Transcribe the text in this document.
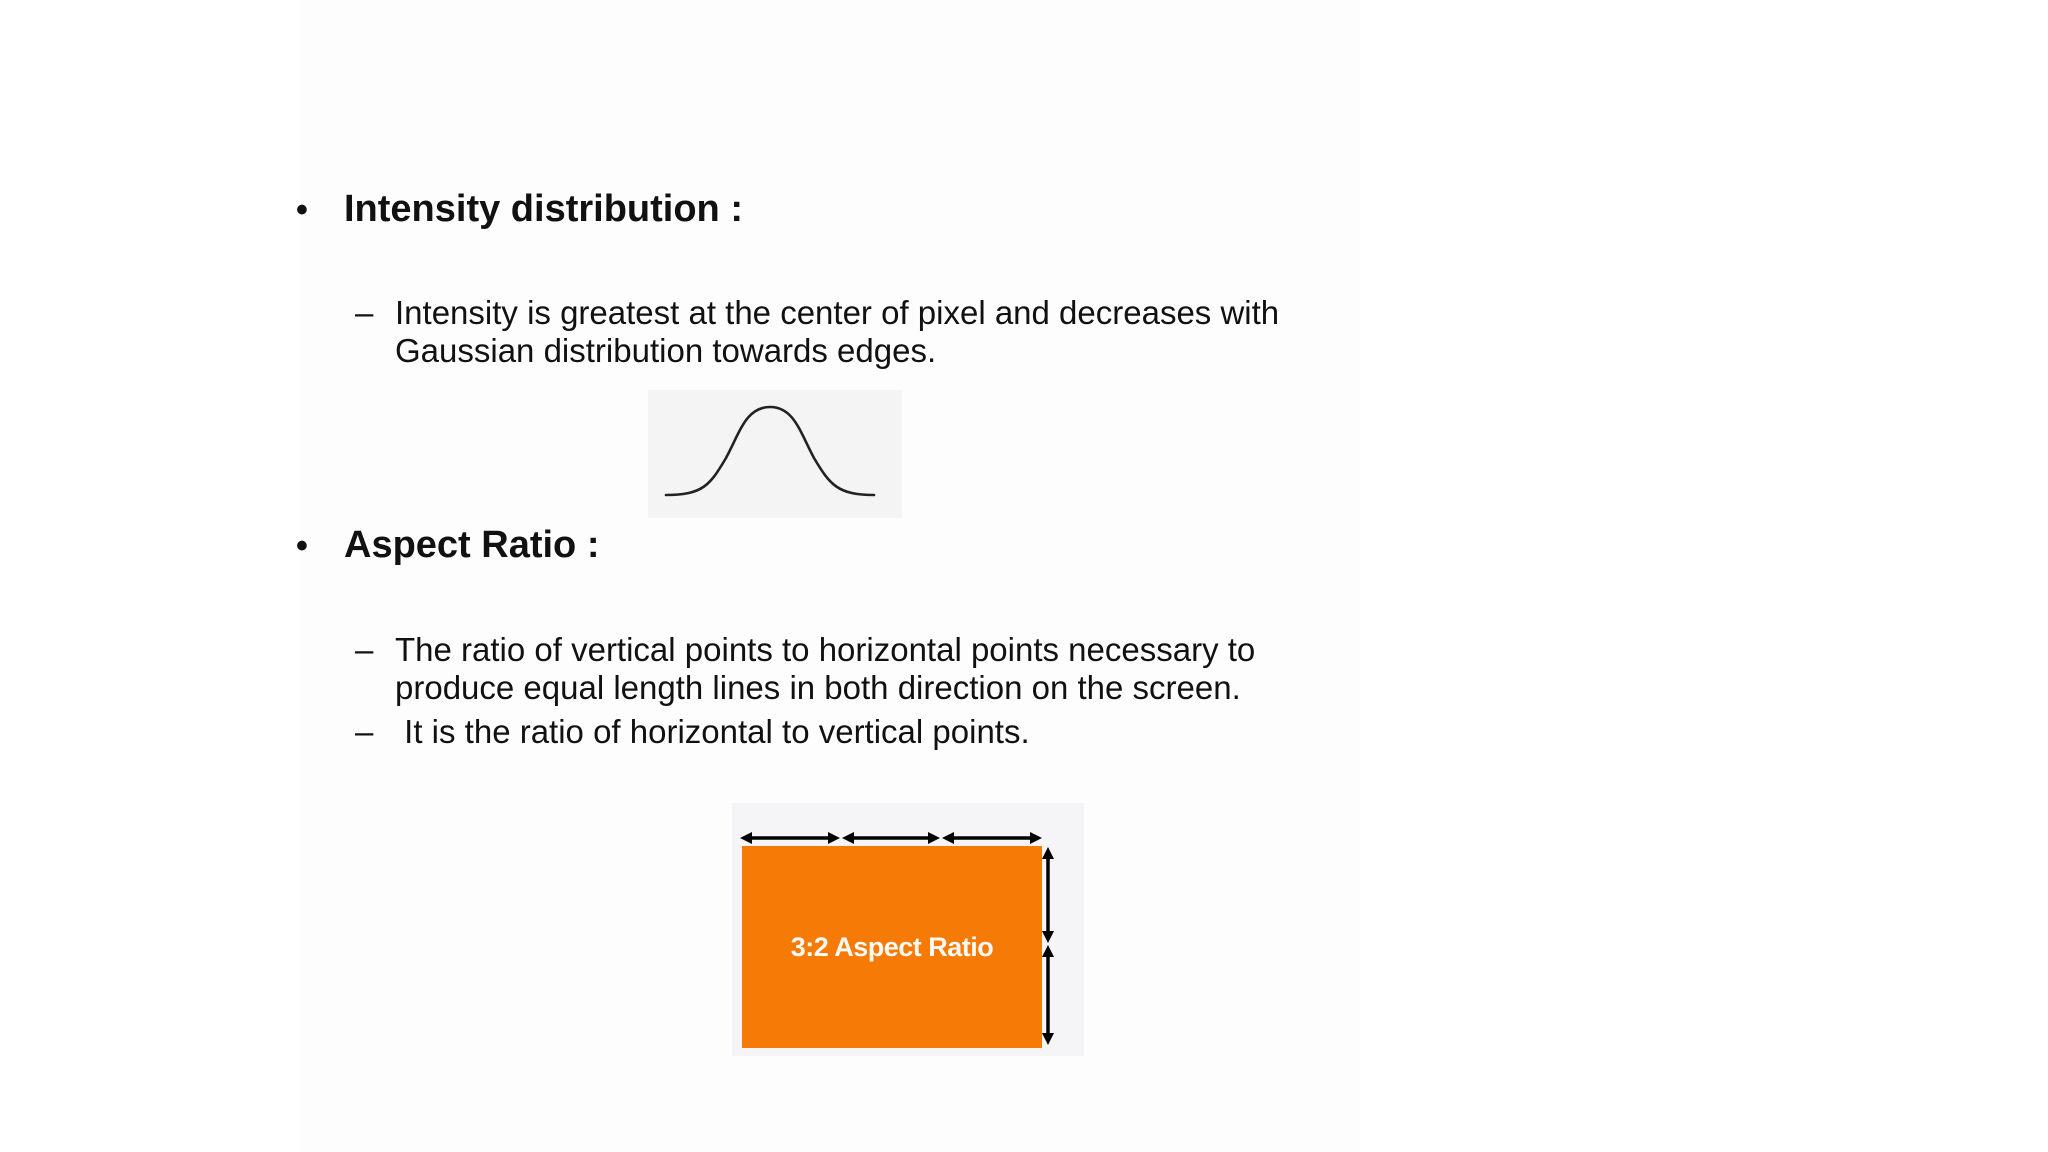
• Intensity distribution :
– Intensity is greatest at the center of pixel and decreases with Gaussian distribution towards edges.

• Aspect Ratio :
– The ratio of vertical points to horizontal points necessary to produce equal length lines in both direction on the screen.

– It is the ratio of horizontal to vertical points.

3:2 Aspect Ratio
